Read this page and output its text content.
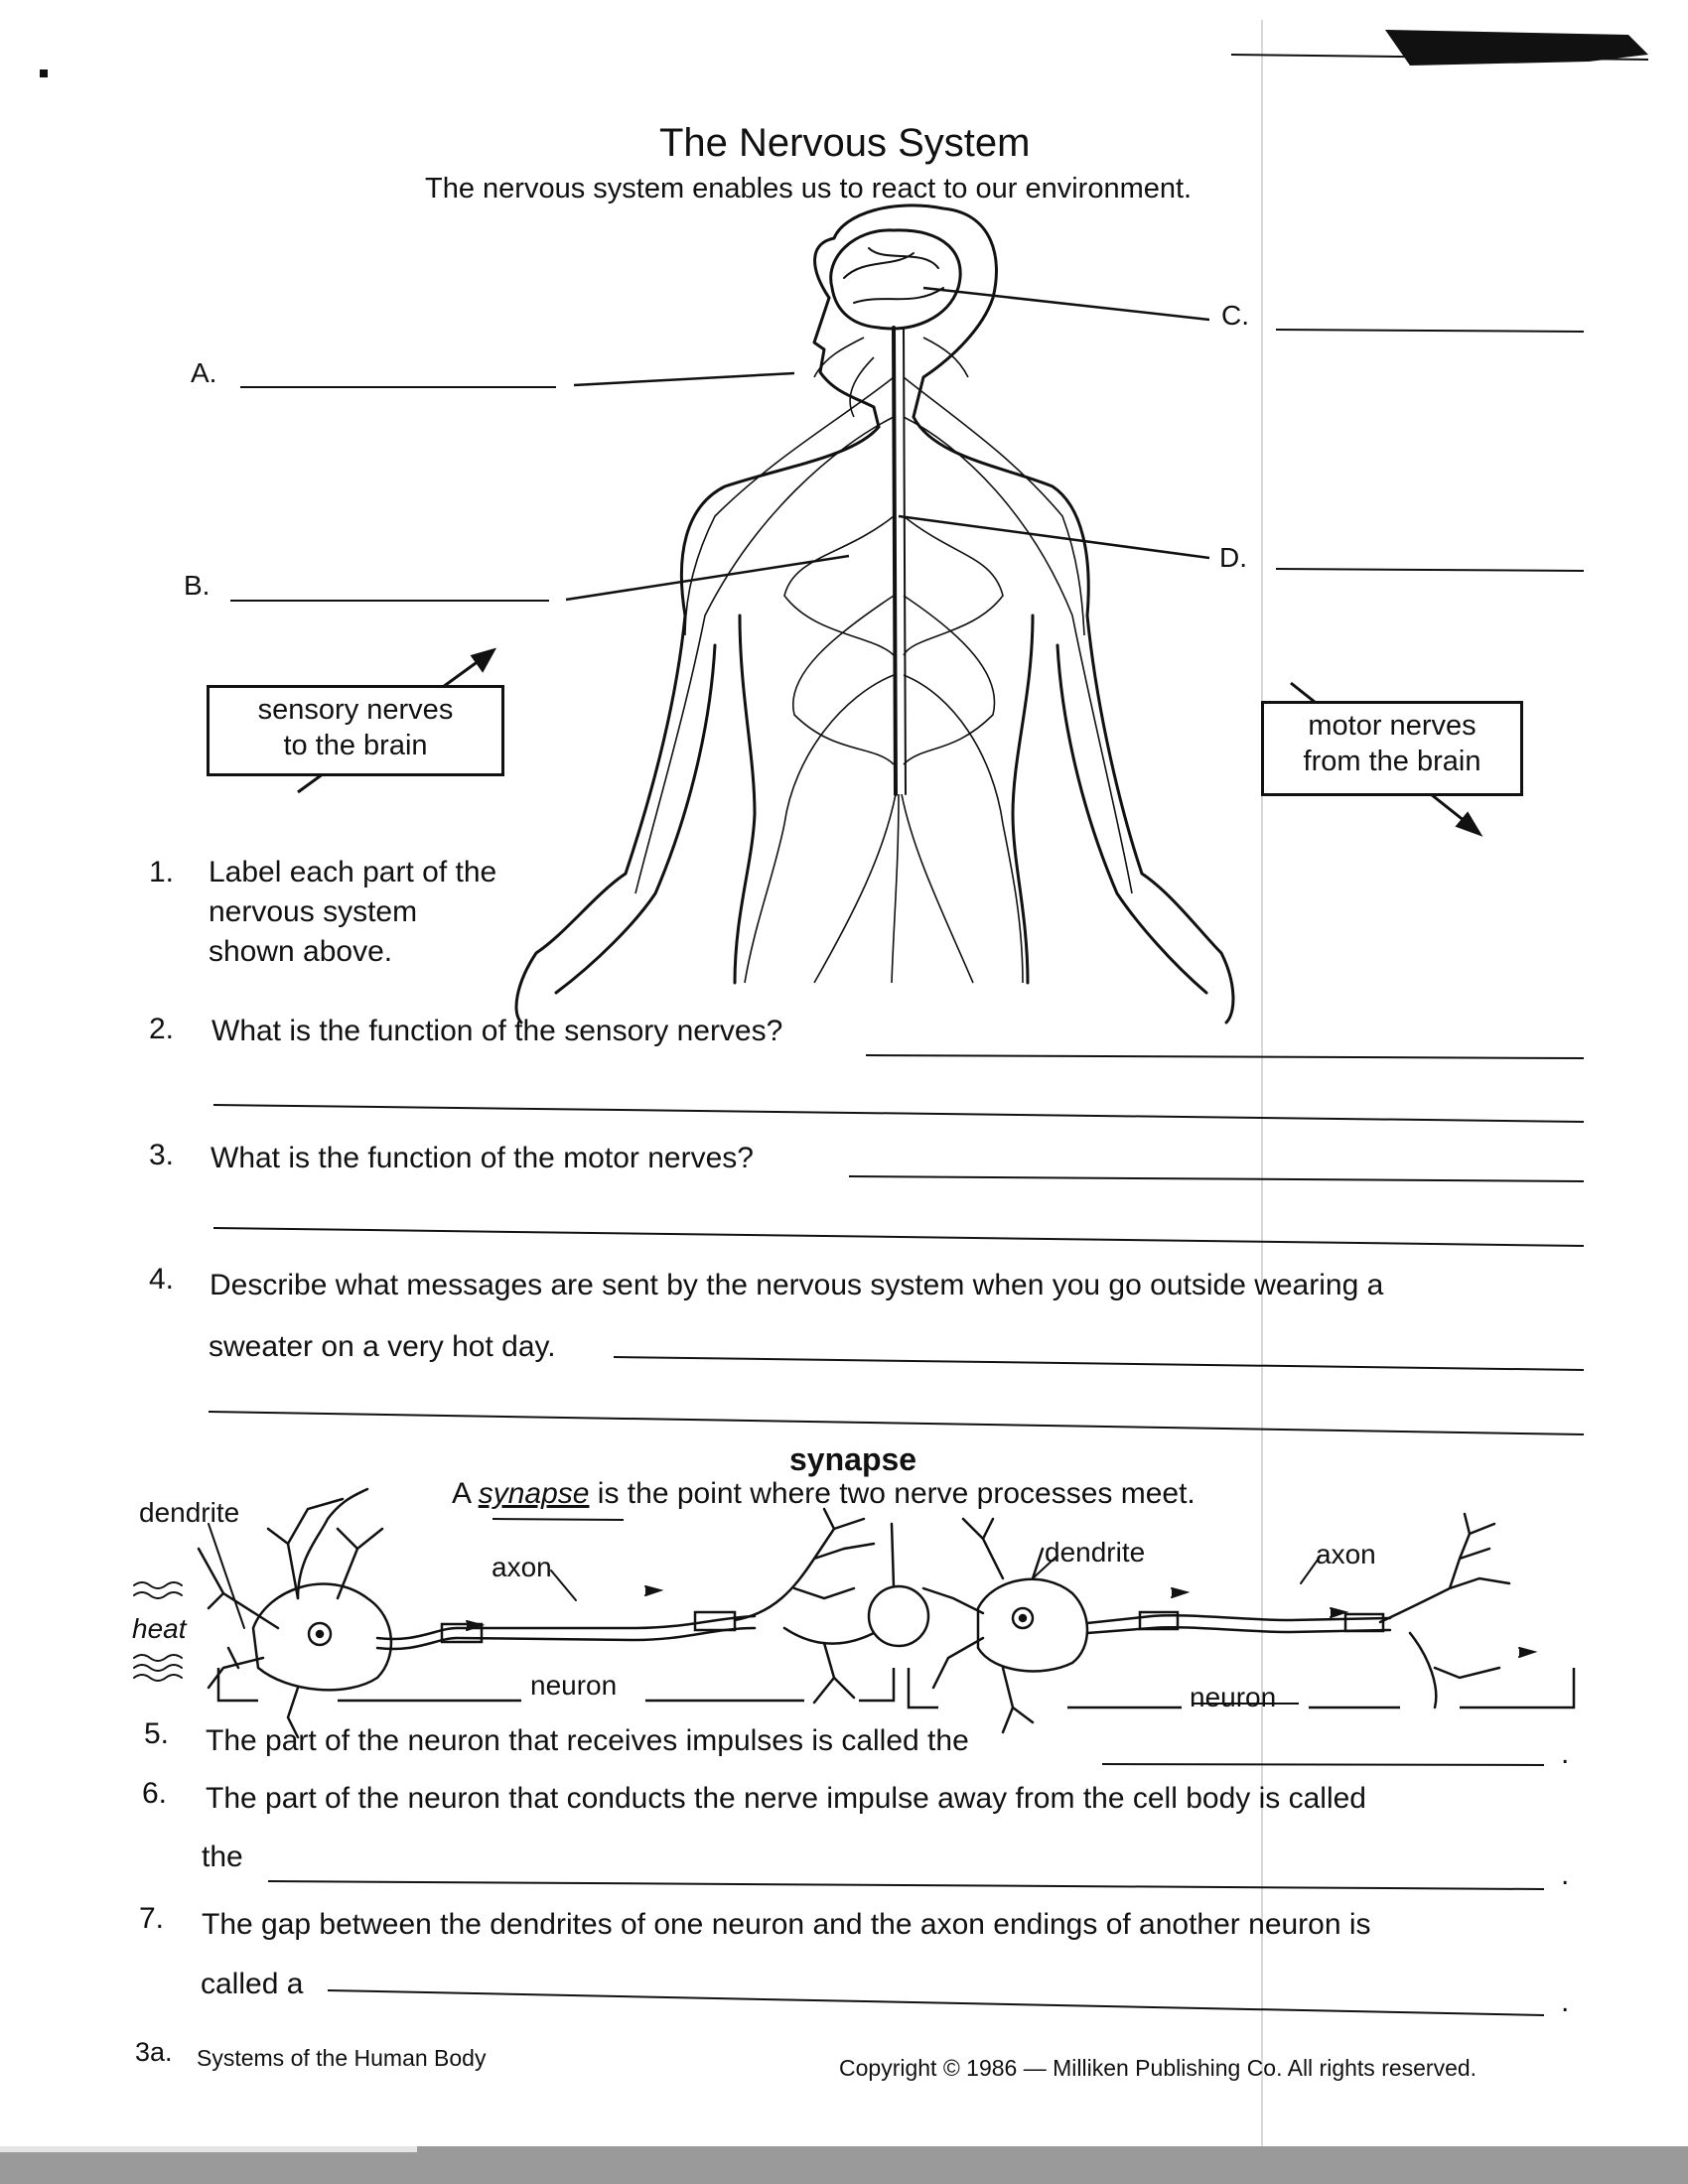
The Nervous System
The nervous system enables us to react to our environment.
A.
B.
C.
D.
sensory nerves
to the brain
motor nerves
from the brain
1. Label each part of the
nervous system
shown above.
2. What is the function of the sensory nerves?
3. What is the function of the motor nerves?
4. Describe what messages are sent by the nervous system when you go outside wearing a
sweater on a very hot day.
synapse
A synapse is the point where two nerve processes meet.
dendrite
axon
heat
neuron
dendrite	axon
neuron
5. The part of the neuron that receives impulses is called the	.
6. The part of the neuron that conducts the nerve impulse away from the cell body is called
the
.
7. The gap between the dendrites of one neuron and the axon endings of another neuron is
called a
.
3a. Systems of the Human Body	Copyright © 1986 — Milliken Publishing Co. All rights reserved.
